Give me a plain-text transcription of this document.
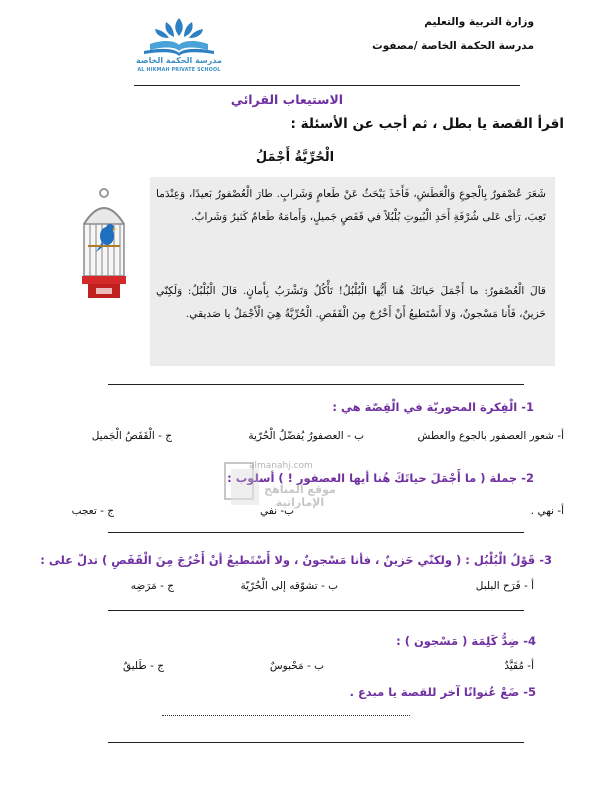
وزارة التربية والتعليم
مدرسة الحكمة الخاصة /مصفوت
مدرسة الحكمة الخاصة
AL HIKMAH PRIVATE SCHOOL
الاستيعاب القرائي
اقرأ القصة يا بطل ، ثم أجب عن الأسئلة :
الْحُرِّيَّةُ أَجْمَلُ
شَعَرَ عُصْفورٌ بِالْجوعِ وَالْعَطَشِ، فَأَخَذَ يَبْحَثُ عَنْ طَعامٍ وَشَرابٍ. طارَ الْعُصْفورُ بَعيدًا، وَعِنْدَما تَعِبَ، رَأى عَلى شُرْفَةِ أَحَدِ الْبُيوتِ بُلْبُلاً في قَفَصٍ جَميلٍ، وَأَمامَهُ طَعامٌ كَثيرٌ وَشَرابٌ.
قالَ الْعُصْفورُ: ما أَجْمَلَ حَياتَكَ هُنا أَيُّها الْبُلْبُلُ! تَأْكُلُ وَتَشْرَبُ بِأَمانٍ. قالَ الْبُلْبُلُ: وَلَكِنّي حَزينٌ، فَأَنا مَسْجونٌ، وَلا أَسْتَطيعُ أَنْ أَخْرُجَ مِنَ الْقَفَصِ. الْحُرِّيَّةُ هِيَ الْأَجْمَلُ يا صَديقي.
1- الْفِكرة المحوريّة في الْقِصّة هي :
أ- شعور العصفور بالجوع والعطش
ب - العصفورُ يُفضّلُ الْحُرّية
ج - الْقَفَصُ الْجَميل
2- جملة ( ما أَجْمَلَ حياتَكَ هُنا أيها العصفور ! ) أسلوب :
أ- نهي .
ب- نفي
ج - تعجب
almanahj.com
موقع المناهج الإماراتية
3- قَوْلُ الْبُلْبُل : ( ولكنّي حَزينٌ ، فأنا مَسْجونٌ ، ولا أَسْتَطيعُ أنْ أَخْرُجَ مِنَ الْقَفَصِ ) تدلّ على :
أ - فَرَح البلبل
ب - تشوّقه إلى الْحُرّيّة
ج - مَرَضِه
4- ضِدُّ كَلِمَة ( مَسْجون ) :
أ- مُقَيَّدٌ
ب - مَحْبوسٌ
ج - طَليقٌ
5- ضَعْ عُنوانًا آخر للقصة يا مبدع .
